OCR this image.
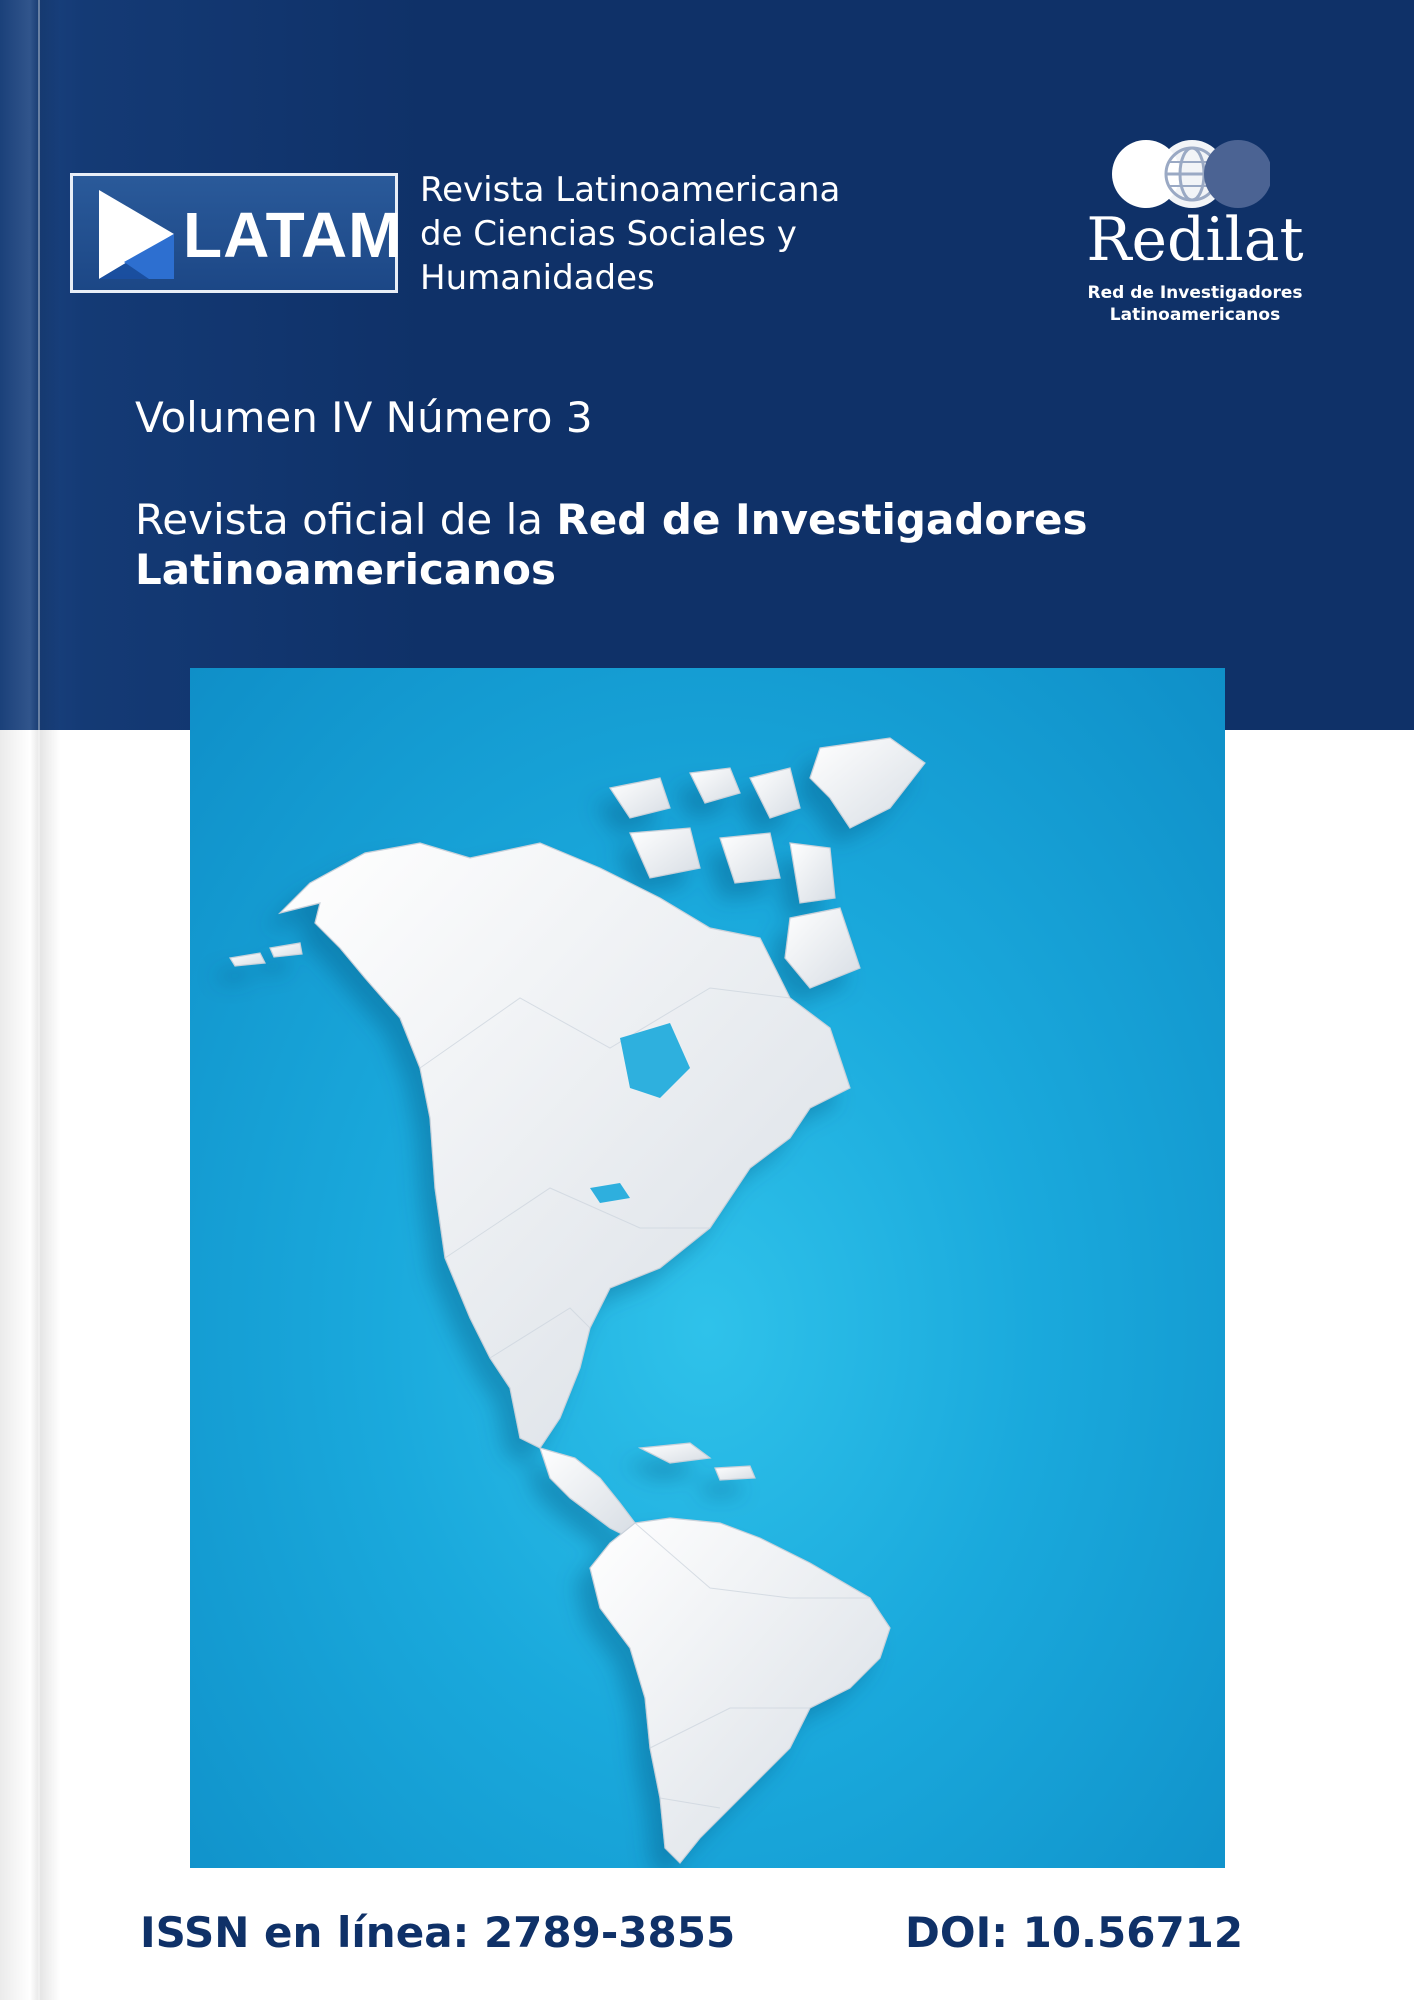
LATAM
Revista Latinoamericana
de Ciencias Sociales y
Humanidades
Redilat
Red de Investigadores
Latinoamericanos
Volumen IV Número 3
Revista oficial de la Red de Investigadores
Latinoamericanos
ISSN en línea: 2789-3855	DOI: 10.56712
